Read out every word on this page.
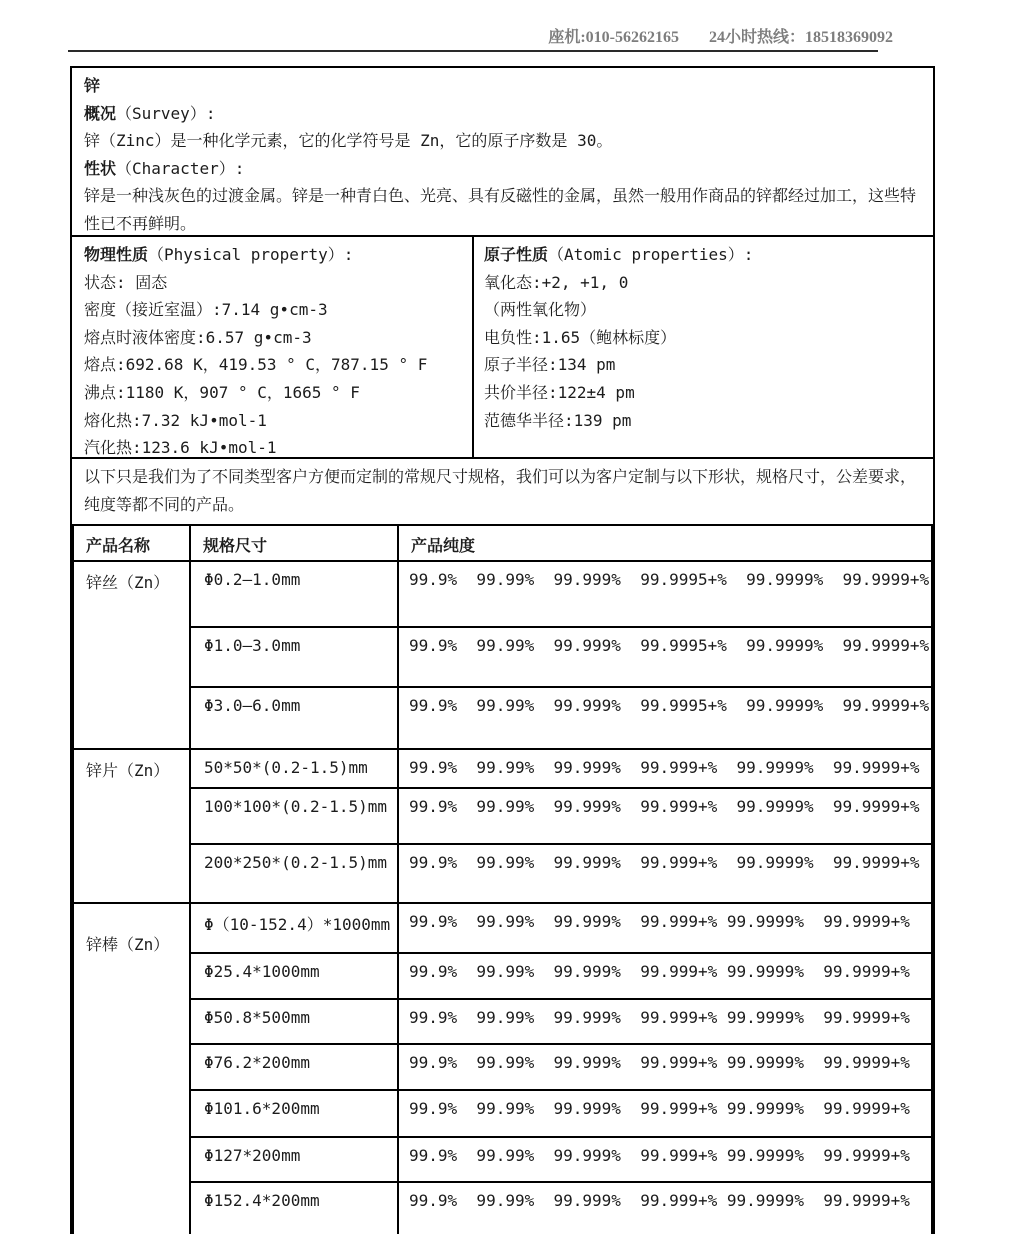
座机:010-56262165 24小时热线：18518369092
锌
概况（Survey）:
锌（Zinc）是一种化学元素，它的化学符号是 Zn，它的原子序数是 30。
性状（Character）:
锌是一种浅灰色的过渡金属。锌是一种青白色、光亮、具有反磁性的金属，虽然一般用作商品的锌都经过加工，这些特性已不再鲜明。
物理性质（Physical property）:
状态: 固态
密度（接近室温）:7.14 g•cm-3
熔点时液体密度:6.57 g•cm-3
熔点:692.68 K，419.53 ° C，787.15 ° F
沸点:1180 K，907 ° C，1665 ° F
熔化热:7.32 kJ•mol-1
汽化热:123.6 kJ•mol-1
原子性质（Atomic properties）:
氧化态:+2, +1, 0
（两性氧化物）
电负性:1.65（鲍林标度）
原子半径:134 pm
共价半径:122±4 pm
范德华半径:139 pm
以下只是我们为了不同类型客户方便而定制的常规尺寸规格，我们可以为客户定制与以下形状，规格尺寸，公差要求，纯度等都不同的产品。
产品名称	规格尺寸	产品纯度
锌丝（Zn）	Φ0.2—1.0mm	99.9%  99.99%  99.999%  99.9995+%  99.9999%  99.9999+%
	Φ1.0—3.0mm	99.9%  99.99%  99.999%  99.9995+%  99.9999%  99.9999+%
	Φ3.0—6.0mm	99.9%  99.99%  99.999%  99.9995+%  99.9999%  99.9999+%
锌片（Zn）	50*50*(0.2-1.5)mm	99.9%  99.99%  99.999%  99.999+%  99.9999%  99.9999+%
	100*100*(0.2-1.5)mm	99.9%  99.99%  99.999%  99.999+%  99.9999%  99.9999+%
	200*250*(0.2-1.5)mm	99.9%  99.99%  99.999%  99.999+%  99.9999%  99.9999+%
锌棒（Zn）	Φ（10-152.4）*1000mm	99.9%  99.99%  99.999%  99.999+% 99.9999%  99.9999+%
	Φ25.4*1000mm	99.9%  99.99%  99.999%  99.999+% 99.9999%  99.9999+%
	Φ50.8*500mm	99.9%  99.99%  99.999%  99.999+% 99.9999%  99.9999+%
	Φ76.2*200mm	99.9%  99.99%  99.999%  99.999+% 99.9999%  99.9999+%
	Φ101.6*200mm	99.9%  99.99%  99.999%  99.999+% 99.9999%  99.9999+%
	Φ127*200mm	99.9%  99.99%  99.999%  99.999+% 99.9999%  99.9999+%
	Φ152.4*200mm	99.9%  99.99%  99.999%  99.999+% 99.9999%  99.9999+%
